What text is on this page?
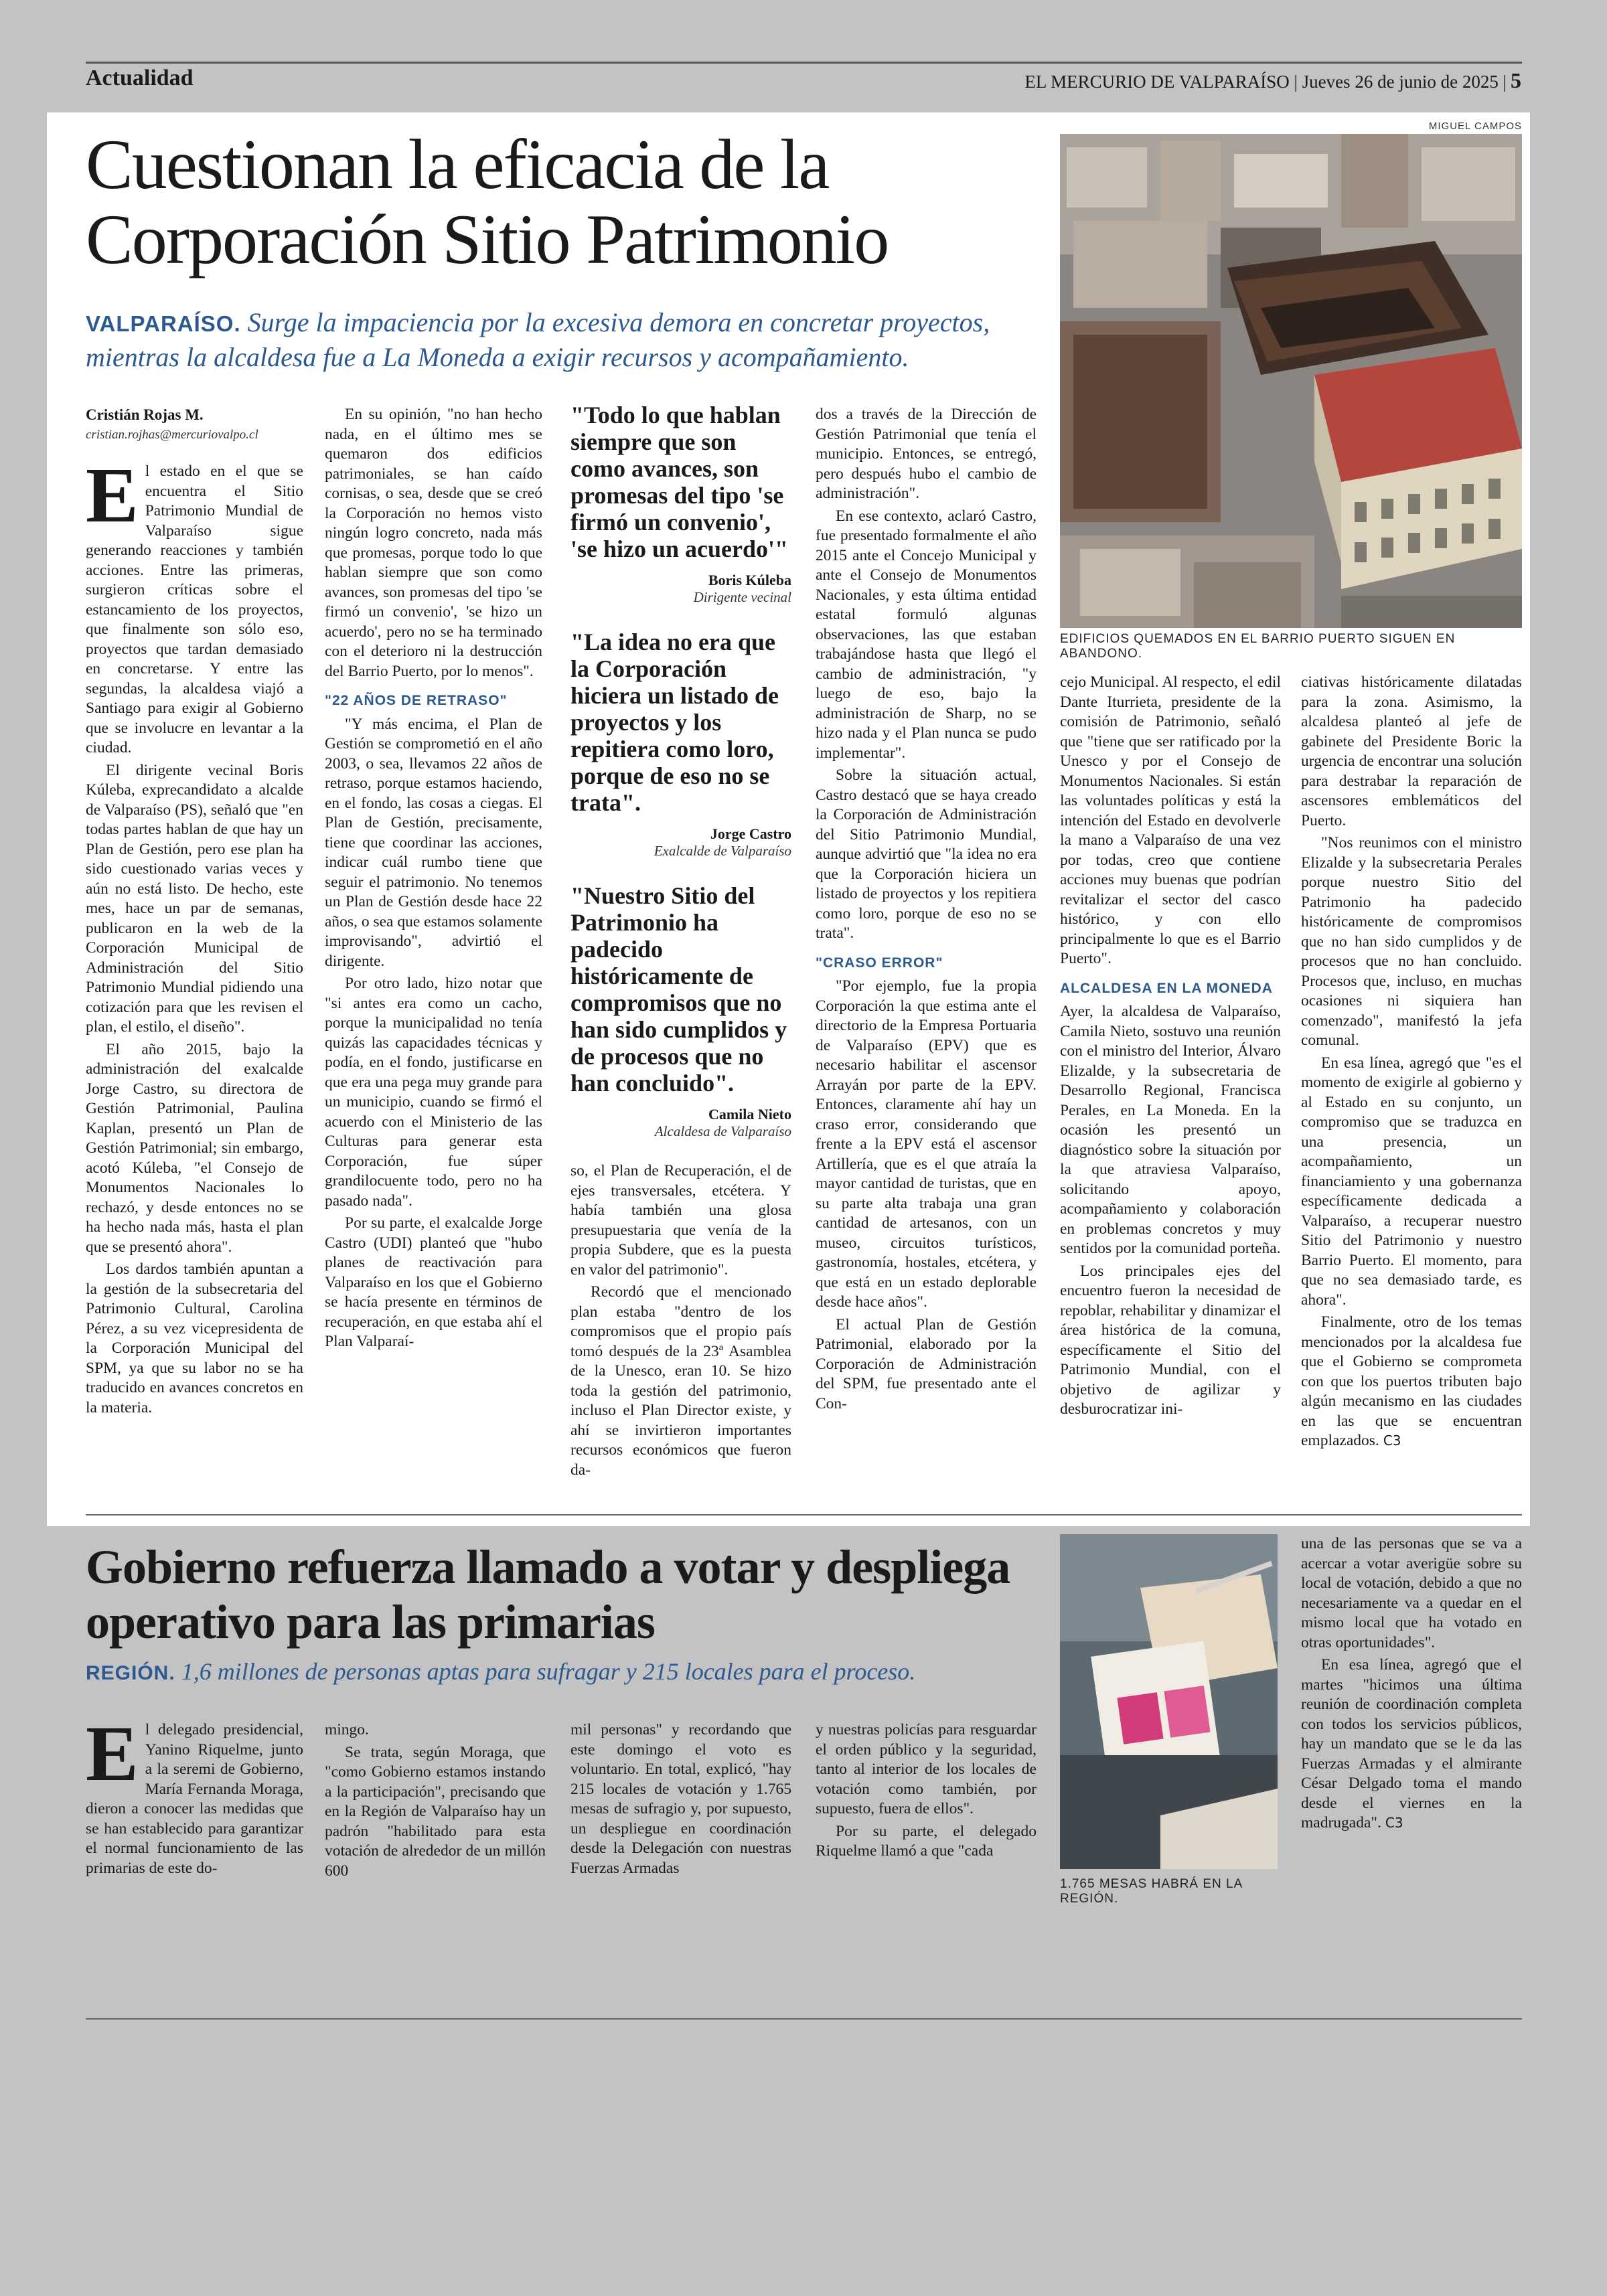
Actualidad	EL MERCURIO DE VALPARAÍSO | Jueves 26 de junio de 2025 | 5
Cuestionan la eficacia de la Corporación Sitio Patrimonio
VALPARAÍSO. Surge la impaciencia por la excesiva demora en concretar proyectos, mientras la alcaldesa fue a La Moneda a exigir recursos y acompañamiento.
MIGUEL CAMPOS
EDIFICIOS QUEMADOS EN EL BARRIO PUERTO SIGUEN EN ABANDONO.
Cristián Rojas M.
cristian.rojhas@mercuriovalpo.cl

El estado en el que se encuentra el Sitio Patrimonio Mundial de Valparaíso sigue generando reacciones y también acciones. Entre las primeras, surgieron críticas sobre el estancamiento de los proyectos, que finalmente son sólo eso, proyectos que tardan demasiado en concretarse. Y entre las segundas, la alcaldesa viajó a Santiago para exigir al Gobierno que se involucre en levantar a la ciudad.

El dirigente vecinal Boris Kúleba, exprecandidato a alcalde de Valparaíso (PS), señaló que "en todas partes hablan de que hay un Plan de Gestión, pero ese plan ha sido cuestionado varias veces y aún no está listo. De hecho, este mes, hace un par de semanas, publicaron en la web de la Corporación Municipal de Administración del Sitio Patrimonio Mundial pidiendo una cotización para que les revisen el plan, el estilo, el diseño".

El año 2015, bajo la administración del exalcalde Jorge Castro, su directora de Gestión Patrimonial, Paulina Kaplan, presentó un Plan de Gestión Patrimonial; sin embargo, acotó Kúleba, "el Consejo de Monumentos Nacionales lo rechazó, y desde entonces no se ha hecho nada más, hasta el plan que se presentó ahora".

Los dardos también apuntan a la gestión de la subsecretaria del Patrimonio Cultural, Carolina Pérez, a su vez vicepresidenta de la Corporación Municipal del SPM, ya que su labor no se ha traducido en avances concretos en la materia.

En su opinión, "no han hecho nada, en el último mes se quemaron dos edificios patrimoniales, se han caído cornisas, o sea, desde que se creó la Corporación no hemos visto ningún logro concreto, nada más que promesas, porque todo lo que hablan siempre que son como avances, son promesas del tipo 'se firmó un convenio', 'se hizo un acuerdo', pero no se ha terminado con el deterioro ni la destrucción del Barrio Puerto, por lo menos".

"22 AÑOS DE RETRASO"

"Y más encima, el Plan de Gestión se comprometió en el año 2003, o sea, llevamos 22 años de retraso, porque estamos haciendo, en el fondo, las cosas a ciegas. El Plan de Gestión, precisamente, tiene que coordinar las acciones, indicar cuál rumbo tiene que seguir el patrimonio. No tenemos un Plan de Gestión desde hace 22 años, o sea que estamos solamente improvisando", advirtió el dirigente.

Por otro lado, hizo notar que "si antes era como un cacho, porque la municipalidad no tenía quizás las capacidades técnicas y podía, en el fondo, justificarse en que era una pega muy grande para un municipio, cuando se firmó el acuerdo con el Ministerio de las Culturas para generar esta Corporación, fue súper grandilocuente todo, pero no ha pasado nada".

Por su parte, el exalcalde Jorge Castro (UDI) planteó que "hubo planes de reactivación para Valparaíso en los que el Gobierno se hacía presente en términos de recuperación, en que estaba ahí el Plan Valparaí-

"Todo lo que hablan siempre que son como avances, son promesas del tipo 'se firmó un convenio', 'se hizo un acuerdo'"
Boris Kúleba
Dirigente vecinal
"La idea no era que la Corporación hiciera un listado de proyectos y los repitiera como loro, porque de eso no se trata".
Jorge Castro
Exalcalde de Valparaíso
"Nuestro Sitio del Patrimonio ha padecido históricamente de compromisos que no han sido cumplidos y de procesos que no han concluido".
Camila Nieto
Alcaldesa de Valparaíso

so, el Plan de Recuperación, el de ejes transversales, etcétera. Y había también una glosa presupuestaria que venía de la propia Subdere, que es la puesta en valor del patrimonio".

Recordó que el mencionado plan estaba "dentro de los compromisos que el propio país tomó después de la 23ª Asamblea de la Unesco, eran 10. Se hizo toda la gestión del patrimonio, incluso el Plan Director existe, y ahí se invirtieron importantes recursos económicos que fueron da-

dos a través de la Dirección de Gestión Patrimonial que tenía el municipio. Entonces, se entregó, pero después hubo el cambio de administración".

En ese contexto, aclaró Castro, fue presentado formalmente el año 2015 ante el Concejo Municipal y ante el Consejo de Monumentos Nacionales, y esta última entidad estatal formuló algunas observaciones, las que estaban trabajándose hasta que llegó el cambio de administración, "y luego de eso, bajo la administración de Sharp, no se hizo nada y el Plan nunca se pudo implementar".

Sobre la situación actual, Castro destacó que se haya creado la Corporación de Administración del Sitio Patrimonio Mundial, aunque advirtió que "la idea no era que la Corporación hiciera un listado de proyectos y los repitiera como loro, porque de eso no se trata".

"CRASO ERROR"

"Por ejemplo, fue la propia Corporación la que estima ante el directorio de la Empresa Portuaria de Valparaíso (EPV) que es necesario habilitar el ascensor Arrayán por parte de la EPV. Entonces, claramente ahí hay un craso error, considerando que frente a la EPV está el ascensor Artillería, que es el que atraía la mayor cantidad de turistas, que en su parte alta trabaja una gran cantidad de artesanos, con un museo, circuitos turísticos, gastronomía, hostales, etcétera, y que está en un estado deplorable desde hace años".

El actual Plan de Gestión Patrimonial, elaborado por la Corporación de Administración del SPM, fue presentado ante el Con-

cejo Municipal. Al respecto, el edil Dante Iturrieta, presidente de la comisión de Patrimonio, señaló que "tiene que ser ratificado por la Unesco y por el Consejo de Monumentos Nacionales. Si están las voluntades políticas y está la intención del Estado en devolverle la mano a Valparaíso de una vez por todas, creo que contiene acciones muy buenas que podrían revitalizar el sector del casco histórico, y con ello principalmente lo que es el Barrio Puerto".

ALCALDESA EN LA MONEDA

Ayer, la alcaldesa de Valparaíso, Camila Nieto, sostuvo una reunión con el ministro del Interior, Álvaro Elizalde, y la subsecretaria de Desarrollo Regional, Francisca Perales, en La Moneda. En la ocasión les presentó un diagnóstico sobre la situación por la que atraviesa Valparaíso, solicitando apoyo, acompañamiento y colaboración en problemas concretos y muy sentidos por la comunidad porteña.

Los principales ejes del encuentro fueron la necesidad de repoblar, rehabilitar y dinamizar el área histórica de la comuna, específicamente el Sitio del Patrimonio Mundial, con el objetivo de agilizar y desburocratizar ini-

ciativas históricamente dilatadas para la zona. Asimismo, la alcaldesa planteó al jefe de gabinete del Presidente Boric la urgencia de encontrar una solución para destrabar la reparación de ascensores emblemáticos del Puerto.

"Nos reunimos con el ministro Elizalde y la subsecretaria Perales porque nuestro Sitio del Patrimonio ha padecido históricamente de compromisos que no han sido cumplidos y de procesos que no han concluido. Procesos que, incluso, en muchas ocasiones ni siquiera han comenzado", manifestó la jefa comunal.

En esa línea, agregó que "es el momento de exigirle al gobierno y al Estado en su conjunto, un compromiso que se traduzca en una presencia, un acompañamiento, un financiamiento y una gobernanza específicamente dedicada a Valparaíso, a recuperar nuestro Sitio del Patrimonio y nuestro Barrio Puerto. El momento, para que no sea demasiado tarde, es ahora".

Finalmente, otro de los temas mencionados por la alcaldesa fue que el Gobierno se comprometa con que los puertos tributen bajo algún mecanismo en las ciudades en las que se encuentran emplazados. C3

Gobierno refuerza llamado a votar y despliega operativo para las primarias
REGIÓN. 1,6 millones de personas aptas para sufragar y 215 locales para el proceso.
1.765 MESAS HABRÁ EN LA REGIÓN.

El delegado presidencial, Yanino Riquelme, junto a la seremi de Gobierno, María Fernanda Moraga, dieron a conocer las medidas que se han establecido para garantizar el normal funcionamiento de las primarias de este do-

mingo.

Se trata, según Moraga, que "como Gobierno estamos instando a la participación", precisando que en la Región de Valparaíso hay un padrón "habilitado para esta votación de alrededor de un millón 600

mil personas" y recordando que este domingo el voto es voluntario. En total, explicó, "hay 215 locales de votación y 1.765 mesas de sufragio y, por supuesto, un despliegue en coordinación desde la Delegación con nuestras Fuerzas Armadas

y nuestras policías para resguardar el orden público y la seguridad, tanto al interior de los locales de votación como también, por supuesto, fuera de ellos".

Por su parte, el delegado Riquelme llamó a que "cada

una de las personas que se va a acercar a votar averigüe sobre su local de votación, debido a que no necesariamente va a quedar en el mismo local que ha votado en otras oportunidades".

En esa línea, agregó que el martes "hicimos una última reunión de coordinación completa con todos los servicios públicos, hay un mandato que se le da las Fuerzas Armadas y el almirante César Delgado toma el mando desde el viernes en la madrugada". C3
